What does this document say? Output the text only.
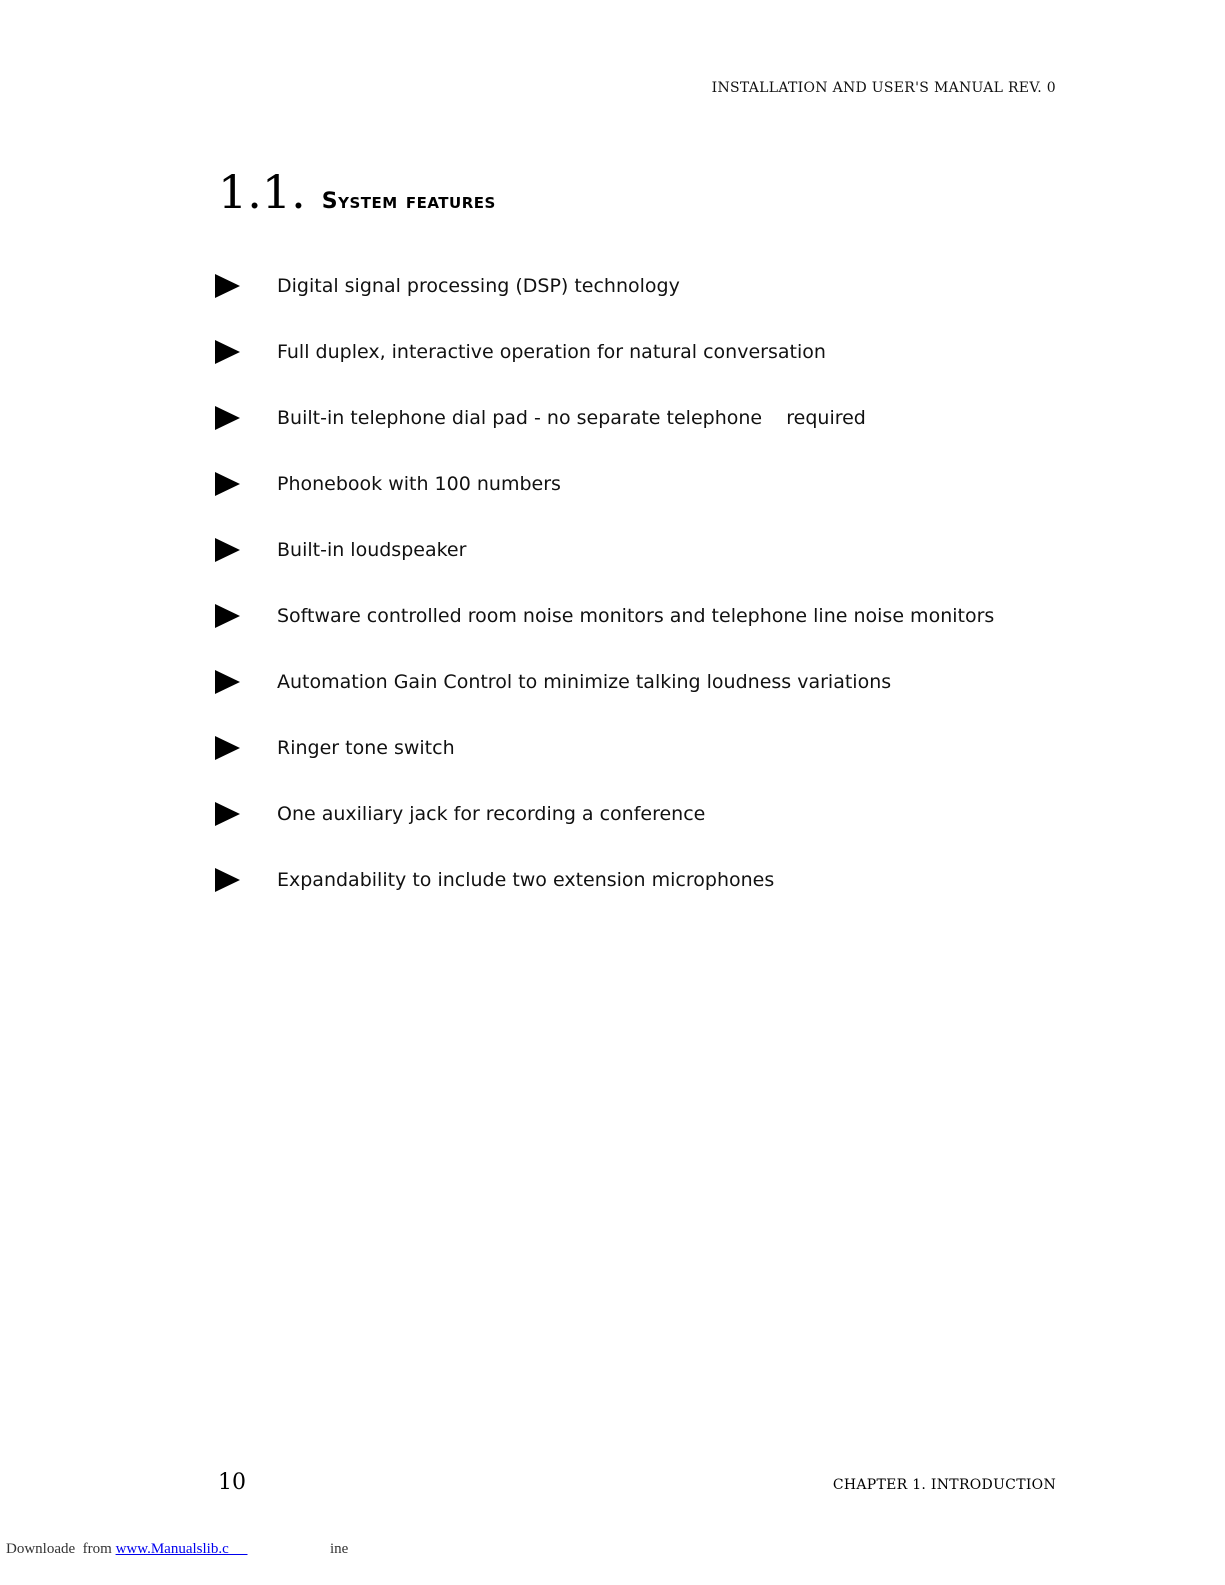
INSTALLATION AND USER'S MANUAL REV. 0
1.1. System features
Digital signal processing (DSP) technology
Full duplex, interactive operation for natural conversation
Built-in telephone dial pad - no separate telephone    required
Phonebook with 100 numbers
Built-in loudspeaker
Software controlled room noise monitors and telephone line noise monitors
Automation Gain Control to minimize talking loudness variations
Ringer tone switch
One auxiliary jack for recording a conference
Expandability to include two extension microphones
10	CHAPTER 1. INTRODUCTION
Downloade  from www.Manualslib.c                           ine
